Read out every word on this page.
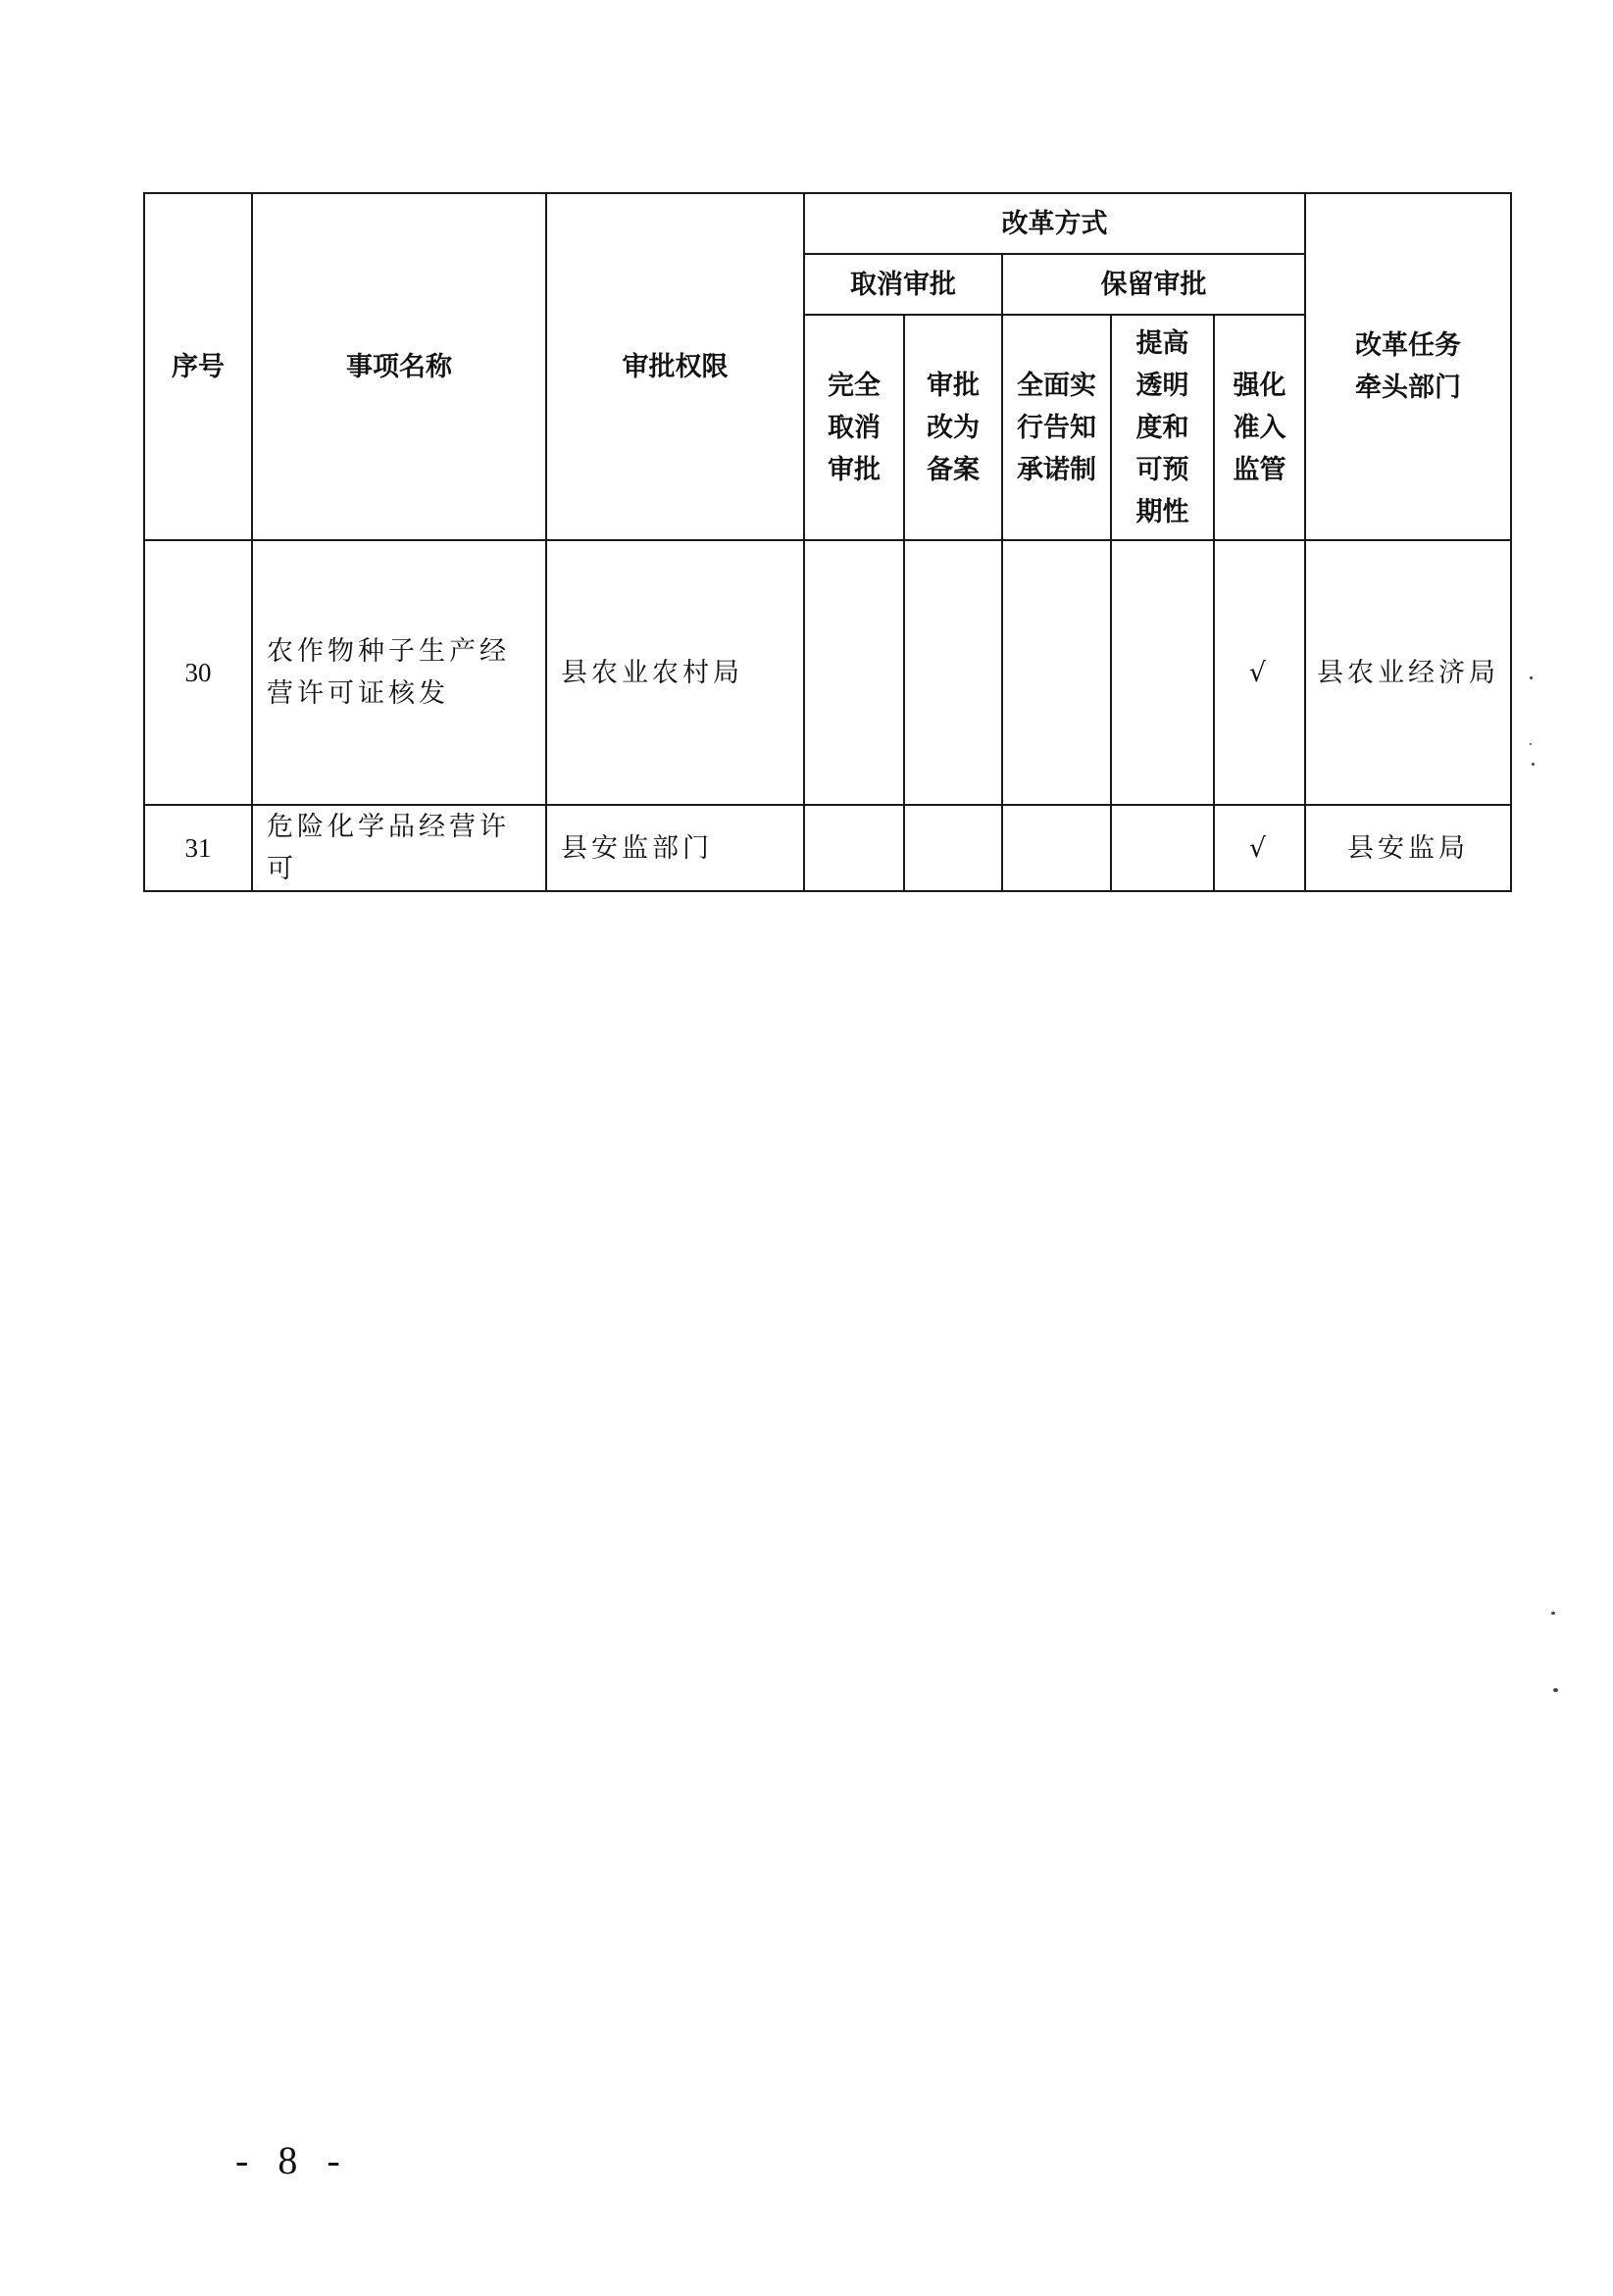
序号	事项名称	审批权限	改革方式					改革任务
牵头部门

			取消审批		保留审批			

			完全
取消
审批	审批
改为
备案	全面实
行告知
承诺制	提高
透明
度和
可预
期性	强化
准入
监管	

30	农作物种子生产经营许可证核发	县农业农村局					√	县农业经济局
31	危险化学品经营许可	县安监部门					√	县安监局
- 8 -
